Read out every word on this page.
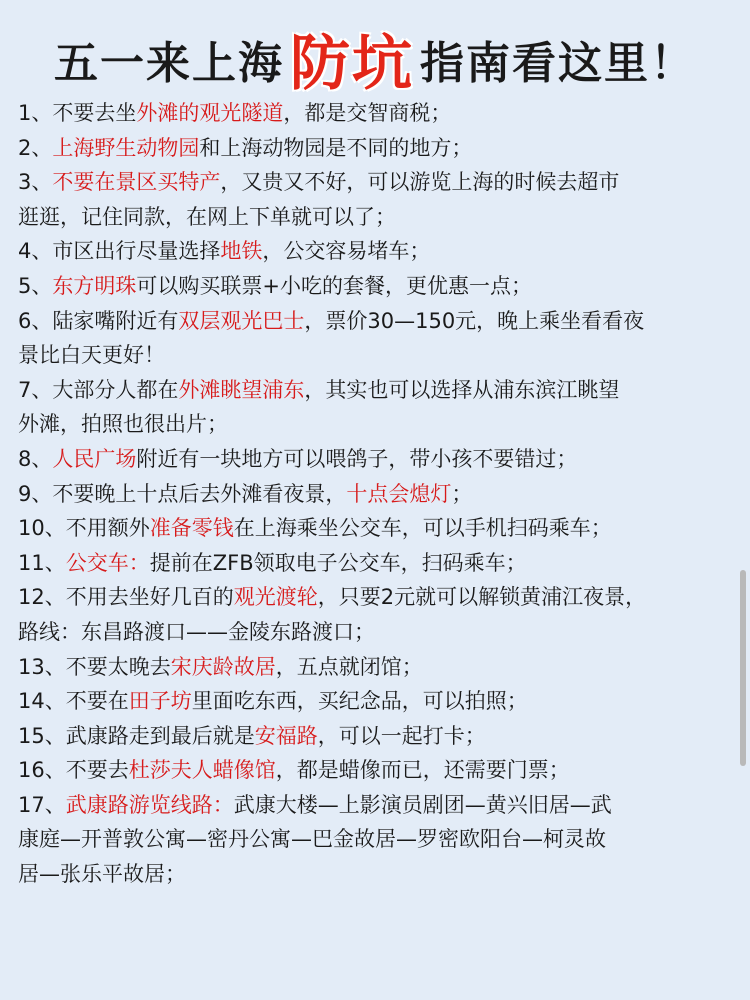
五一来上海 防坑 指南看这里！
1、不要去坐外滩的观光隧道，都是交智商税；
2、上海野生动物园和上海动物园是不同的地方；
3、不要在景区买特产，又贵又不好，可以游览上海的时候去超市
逛逛，记住同款，在网上下单就可以了；
4、市区出行尽量选择地铁，公交容易堵车；
5、东方明珠可以购买联票+小吃的套餐，更优惠一点；
6、陆家嘴附近有双层观光巴士，票价30—150元，晚上乘坐看看夜
景比白天更好！
7、大部分人都在外滩眺望浦东，其实也可以选择从浦东滨江眺望
外滩，拍照也很出片；
8、人民广场附近有一块地方可以喂鸽子，带小孩不要错过；
9、不要晚上十点后去外滩看夜景，十点会熄灯；
10、不用额外准备零钱在上海乘坐公交车，可以手机扫码乘车；
11、公交车：提前在ZFB领取电子公交车，扫码乘车；
12、不用去坐好几百的观光渡轮，只要2元就可以解锁黄浦江夜景，
路线：东昌路渡口——金陵东路渡口；
13、不要太晚去宋庆龄故居，五点就闭馆；
14、不要在田子坊里面吃东西，买纪念品，可以拍照；
15、武康路走到最后就是安福路，可以一起打卡；
16、不要去杜莎夫人蜡像馆，都是蜡像而已，还需要门票；
17、武康路游览线路：武康大楼—上影演员剧团—黄兴旧居—武
康庭—开普敦公寓—密丹公寓—巴金故居—罗密欧阳台—柯灵故
居—张乐平故居；
